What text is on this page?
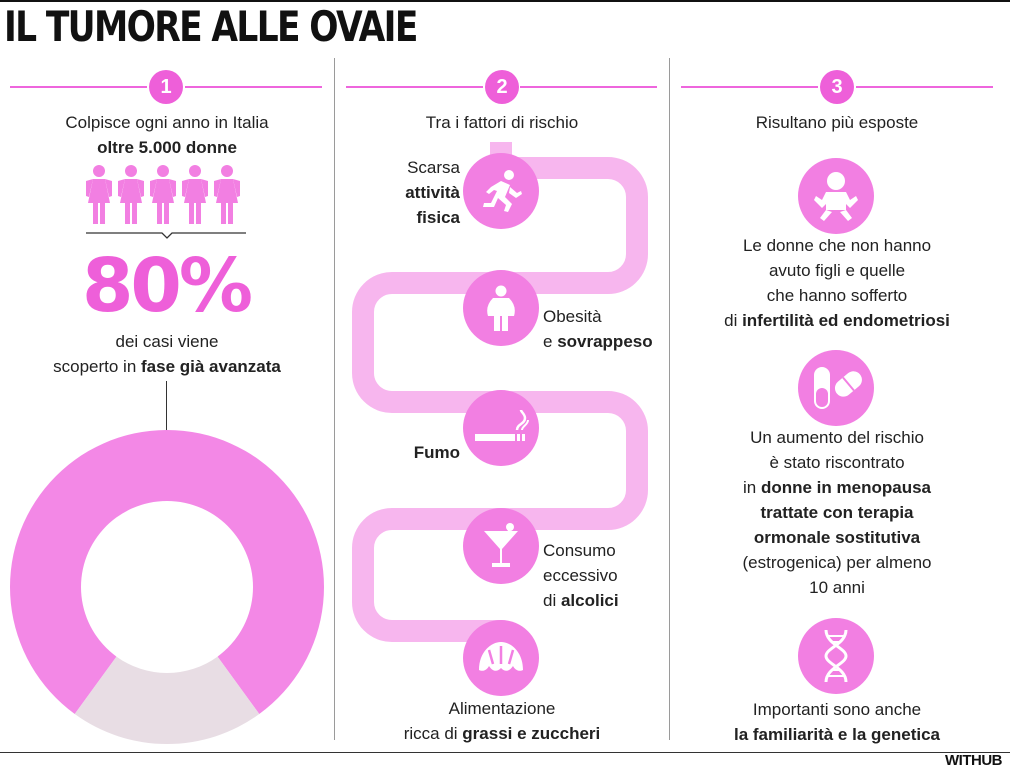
IL TUMORE ALLE OVAIE
1
Colpisce ogni anno in Italia
oltre 5.000 donne
80%
dei casi viene
scoperto in fase già avanzata
2
Tra i fattori di rischio
Scarsa
attività
fisica
Obesità
e sovrappeso
Fumo
Consumo
eccessivo
di alcolici
Alimentazione
ricca di grassi e zuccheri
3
Risultano più esposte
Le donne che non hanno
avuto figli e quelle
che hanno sofferto
di infertilità ed endometriosi
Un aumento del rischio
è stato riscontrato
in donne in menopausa
trattate con terapia
ormonale sostitutiva
(estrogenica) per almeno
10 anni
Importanti sono anche
la familiarità e la genetica
WITHUB
